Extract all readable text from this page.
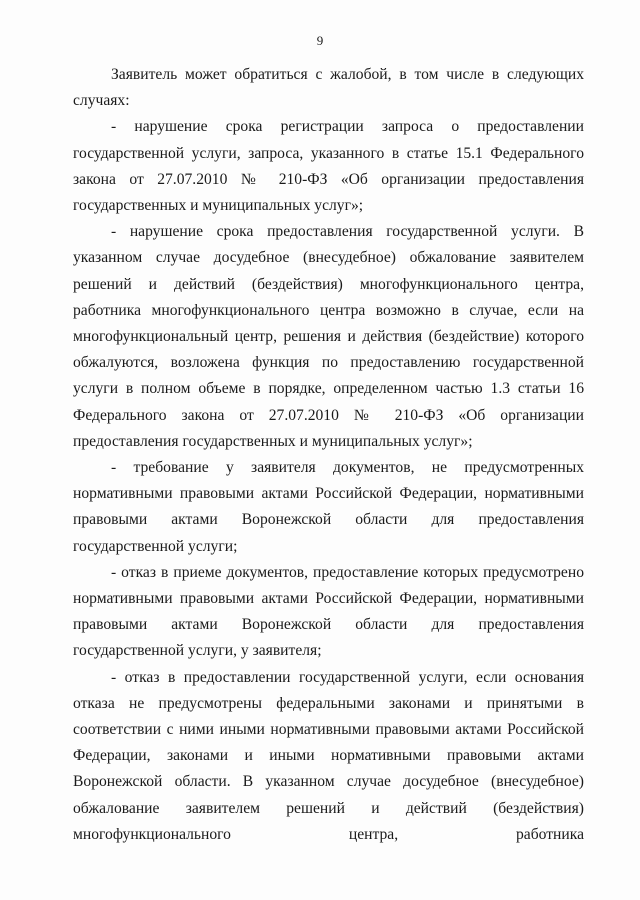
9

Заявитель может обратиться с жалобой, в том числе в следующих случаях:

- нарушение срока регистрации запроса о предоставлении государственной услуги, запроса, указанного в статье 15.1 Федерального закона от 27.07.2010 № 210-ФЗ «Об организации предоставления государственных и муниципальных услуг»;

- нарушение срока предоставления государственной услуги. В указанном случае досудебное (внесудебное) обжалование заявителем решений и действий (бездействия) многофункционального центра, работника многофункционального центра возможно в случае, если на многофункциональный центр, решения и действия (бездействие) которого обжалуются, возложена функция по предоставлению государственной услуги в полном объеме в порядке, определенном частью 1.3 статьи 16 Федерального закона от 27.07.2010 № 210-ФЗ «Об организации предоставления государственных и муниципальных услуг»;

- требование у заявителя документов, не предусмотренных нормативными правовыми актами Российской Федерации, нормативными правовыми актами Воронежской области для предоставления государственной услуги;

- отказ в приеме документов, предоставление которых предусмотрено нормативными правовыми актами Российской Федерации, нормативными правовыми актами Воронежской области для предоставления государственной услуги, у заявителя;

- отказ в предоставлении государственной услуги, если основания отказа не предусмотрены федеральными законами и принятыми в соответствии с ними иными нормативными правовыми актами Российской Федерации, законами и иными нормативными правовыми актами Воронежской области. В указанном случае досудебное (внесудебное) обжалование заявителем решений и действий (бездействия) многофункционального центра, работника
